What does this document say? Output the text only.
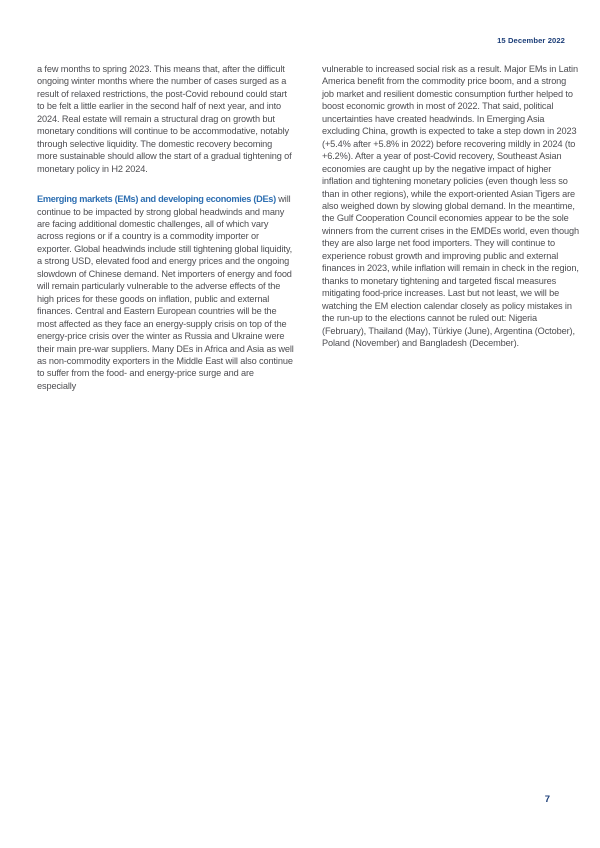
15 December 2022

a few months to spring 2023. This means that, after the difficult ongoing winter months where the number of cases surged as a result of relaxed restrictions, the post-Covid rebound could start to be felt a little earlier in the second half of next year, and into 2024. Real estate will remain a structural drag on growth but monetary conditions will continue to be accommodative, notably through selective liquidity. The domestic recovery becoming more sustainable should allow the start of a gradual tightening of monetary policy in H2 2024.

Emerging markets (EMs) and developing economies (DEs) will continue to be impacted by strong global headwinds and many are facing additional domestic challenges, all of which vary across regions or if a country is a commodity importer or exporter. Global headwinds include still tightening global liquidity, a strong USD, elevated food and energy prices and the ongoing slowdown of Chinese demand. Net importers of energy and food will remain particularly vulnerable to the adverse effects of the high prices for these goods on inflation, public and external finances. Central and Eastern European countries will be the most affected as they face an energy-supply crisis on top of the energy-price crisis over the winter as Russia and Ukraine were their main pre-war suppliers. Many DEs in Africa and Asia as well as non-commodity exporters in the Middle East will also continue to suffer from the food- and energy-price surge and are especially

vulnerable to increased social risk as a result. Major EMs in Latin America benefit from the commodity price boom, and a strong job market and resilient domestic consumption further helped to boost economic growth in most of 2022. That said, political uncertainties have created headwinds. In Emerging Asia excluding China, growth is expected to take a step down in 2023 (+5.4% after +5.8% in 2022) before recovering mildly in 2024 (to +6.2%). After a year of post-Covid recovery, Southeast Asian economies are caught up by the negative impact of higher inflation and tightening monetary policies (even though less so than in other regions), while the export-oriented Asian Tigers are also weighed down by slowing global demand. In the meantime, the Gulf Cooperation Council economies appear to be the sole winners from the current crises in the EMDEs world, even though they are also large net food importers. They will continue to experience robust growth and improving public and external finances in 2023, while inflation will remain in check in the region, thanks to monetary tightening and targeted fiscal measures mitigating food-price increases. Last but not least, we will be watching the EM election calendar closely as policy mistakes in the run-up to the elections cannot be ruled out: Nigeria (February), Thailand (May), Türkiye (June), Argentina (October), Poland (November) and Bangladesh (December).

7
